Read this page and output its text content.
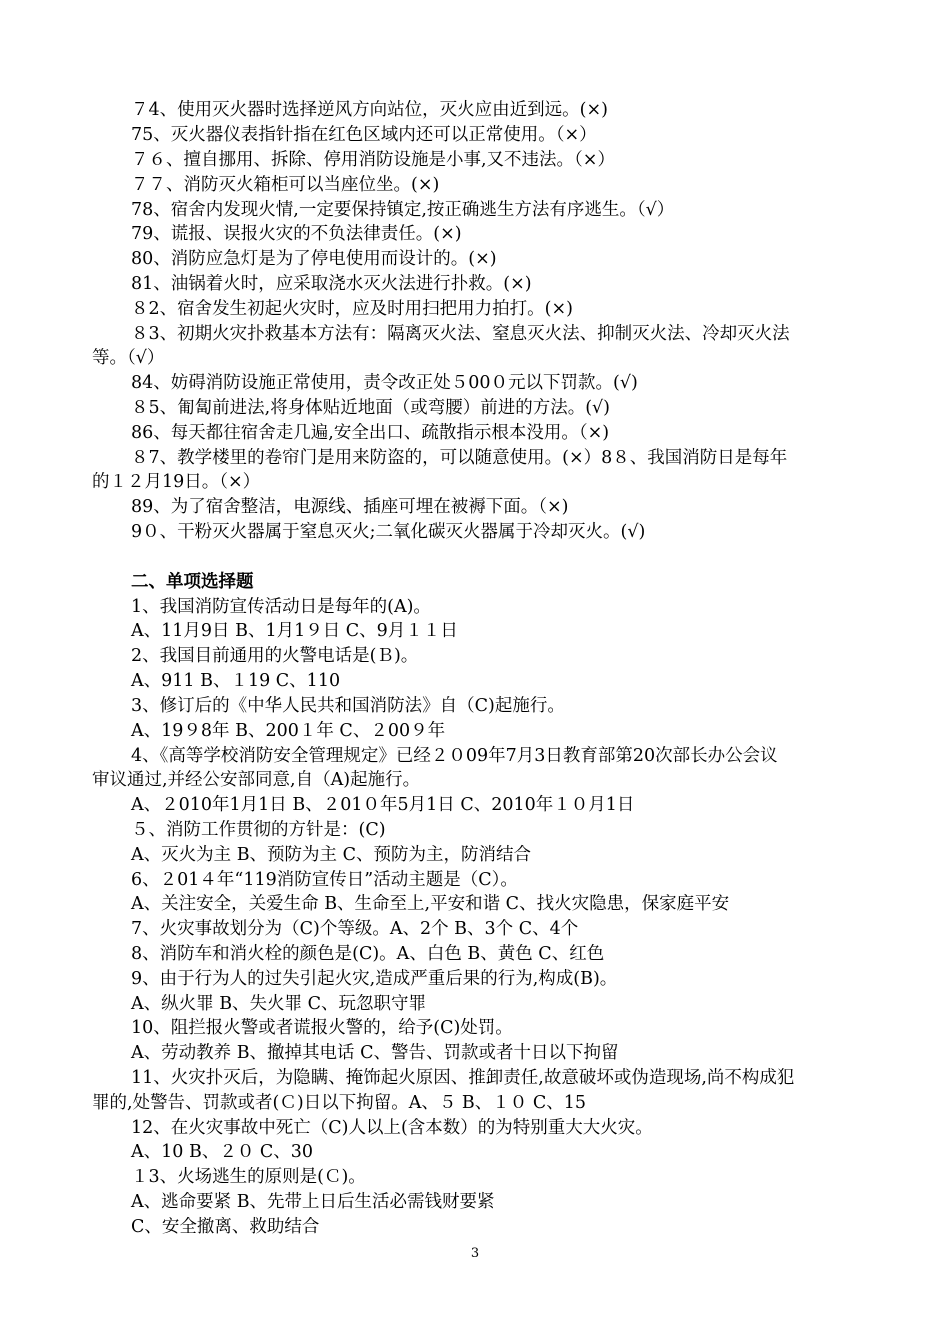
７4、使用灭火器时选择逆风方向站位，灭火应由近到远。(×)
75、灭火器仪表指针指在红色区域内还可以正常使用。（×）
７６、擅自挪用、拆除、停用消防设施是小事,又不违法。（×）
７７、消防灭火箱柜可以当座位坐。(×)
78、宿舍内发现火情,一定要保持镇定,按正确逃生方法有序逃生。（√）
79、谎报、误报火灾的不负法律责任。(×)
80、消防应急灯是为了停电使用而设计的。(×)
81、油锅着火时，应采取浇水灭火法进行扑救。(×)
８2、宿舍发生初起火灾时，应及时用扫把用力拍打。(×)
８3、初期火灾扑救基本方法有：隔离灭火法、窒息灭火法、抑制灭火法、冷却灭火法
等。（√）
84、妨碍消防设施正常使用，责令改正处５00０元以下罚款。(√)
８5、匍匐前进法,将身体贴近地面（或弯腰）前进的方法。(√)
86、每天都往宿舍走几遍,安全出口、疏散指示根本没用。（×)
８7、教学楼里的卷帘门是用来防盗的，可以随意使用。(×）8８、我国消防日是每年
的１２月19日。（×）
89、为了宿舍整洁，电源线、插座可埋在被褥下面。（×)
9０、干粉灭火器属于窒息灭火;二氧化碳灭火器属于冷却灭火。(√)
二、单项选择题
1、我国消防宣传活动日是每年的(A)。
A、11月9日 B、1月1９日 C、9月１１日
2、我国目前通用的火警电话是(Ｂ)。
A、911 B、１19 C、110
3、修订后的《中华人民共和国消防法》自（C)起施行。
A、19９8年 B、200１年 C、２00９年
4、《高等学校消防安全管理规定》已经２０09年7月3日教育部第20次部长办公会议
审议通过,并经公安部同意,自（A)起施行。
A、２010年1月1日 B、２01０年5月1日 C、2010年１０月1日
５、消防工作贯彻的方针是：(C)
A、灭火为主 B、预防为主 C、预防为主，防消结合
6、２01４年“119消防宣传日”活动主题是（C）。
A、关注安全，关爱生命 B、生命至上,平安和谐 C、找火灾隐患，保家庭平安
7、火灾事故划分为（C)个等级。A、2个 B、3个 C、4个
8、消防车和消火栓的颜色是(C)。A、白色 B、黄色 C、红色
9、由于行为人的过失引起火灾,造成严重后果的行为,构成(B)。
A、纵火罪 B、失火罪 C、玩忽职守罪
10、阻拦报火警或者谎报火警的，给予(C)处罚。
A、劳动教养 B、撤掉其电话 C、警告、罚款或者十日以下拘留
11、火灾扑灭后，为隐瞒、掩饰起火原因、推卸责任,故意破坏或伪造现场,尚不构成犯
罪的,处警告、罚款或者(Ｃ)日以下拘留。A、５ B、１０ C、15
12、在火灾事故中死亡（C)人以上(含本数）的为特别重大大火灾。
A、10 B、２０ C、30
１3、火场逃生的原则是(Ｃ)。
A、逃命要紧 B、先带上日后生活必需钱财要紧
C、安全撤离、救助结合
3
